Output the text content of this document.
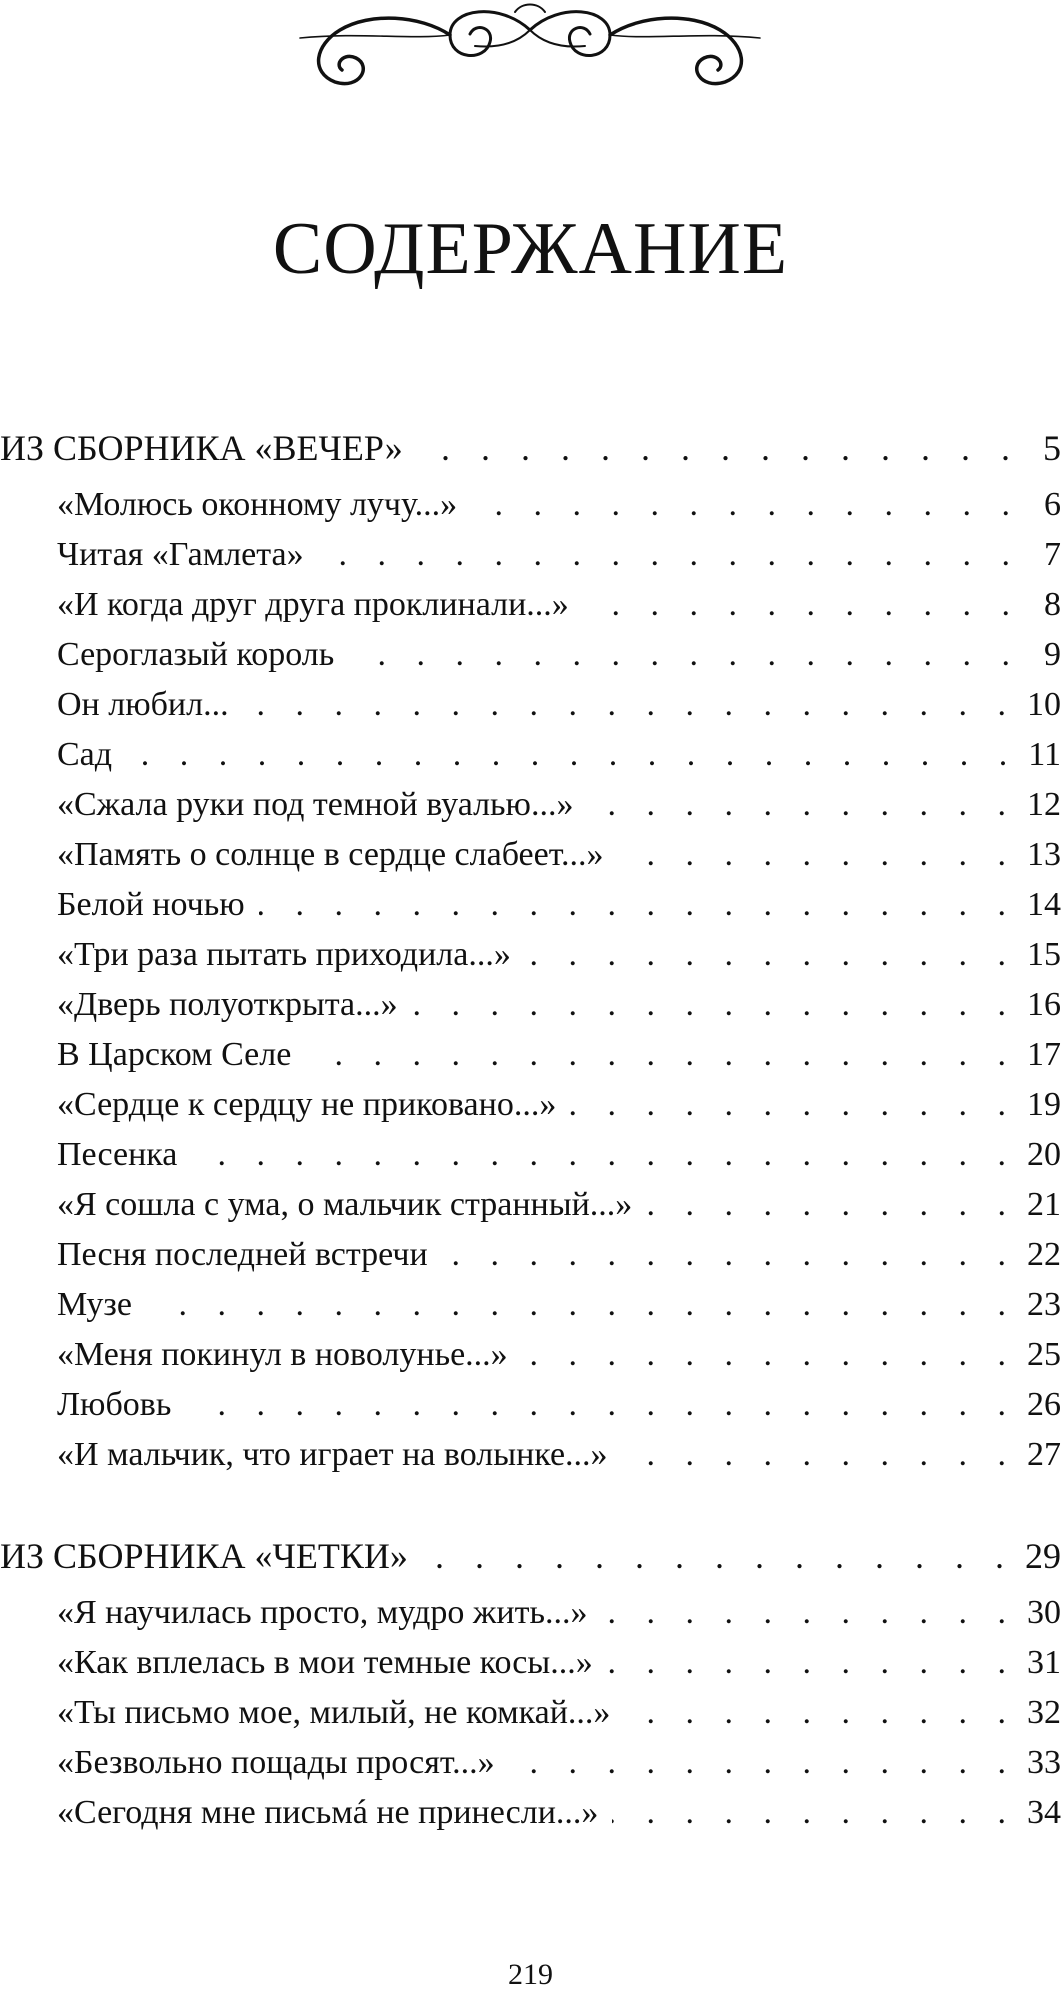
СОДЕРЖАНИЕ
ИЗ СБОРНИКА «ВЕЧЕР» . . .	5
«Молюсь оконному лучу...» . . .	6
Читая «Гамлета» . . .	7
«И когда друг друга проклинали...» . . .	8
Сероглазый король . . .	9
Он любил... . . .	10
Сад . . .	11
«Сжала руки под темной вуалью...» . . .	12
«Память о солнце в сердце слабеет...» . . .	13
Белой ночью . . .	14
«Три раза пытать приходила...» . . .	15
«Дверь полуоткрыта...» . . .	16
В Царском Селе . . .	17
«Сердце к сердцу не приковано...» . . .	19
Песенка . . .	20
«Я сошла с ума, о мальчик странный...» . . .	21
Песня последней встречи . . .	22
Музе . . .	23
«Меня покинул в новолунье...» . . .	25
Любовь . . .	26
«И мальчик, что играет на волынке...» . . .	27
ИЗ СБОРНИКА «ЧЕТКИ» . . .	29
«Я научилась просто, мудро жить...» . . .	30
«Как вплелась в мои темные косы...» . . .	31
«Ты письмо мое, милый, не комкай...» . . .	32
«Безвольно пощады просят...» . . .	33
«Сегодня мне письмá не принесли...» . . .	34
219
